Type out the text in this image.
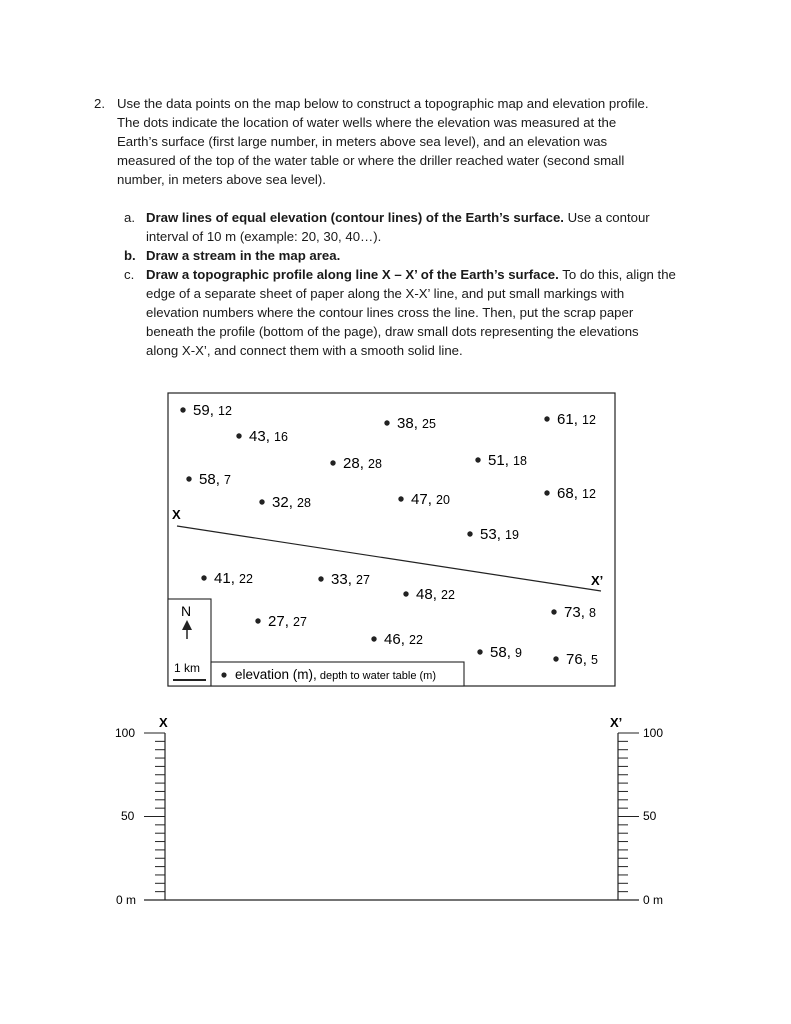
2. Use the data points on the map below to construct a topographic map and elevation profile.
The dots indicate the location of water wells where the elevation was measured at the
Earth’s surface (first large number, in meters above sea level), and an elevation was
measured of the top of the water table or where the driller reached water (second small
number, in meters above sea level).
a. Draw lines of equal elevation (contour lines) of the Earth’s surface. Use a contour
interval of 10 m (example: 20, 30, 40…).
b. Draw a stream in the map area.
c. Draw a topographic profile along line X – X’ of the Earth’s surface. To do this, align the
edge of a separate sheet of paper along the X-X’ line, and put small markings with
elevation numbers where the contour lines cross the line. Then, put the scrap paper
beneath the profile (bottom of the page), draw small dots representing the elevations
along X-X’, and connect them with a smooth solid line.
X
X’
N
1 km	elevation (m), depth to water table (m)
59, 12
43, 16
38, 25	61, 12
28, 28	51, 18
58, 7
32, 28	47, 20	68, 12
53, 19
41, 22	33, 27
48, 22
73, 8
27, 27
46, 22
58, 9	76, 5
X	X’
100
50
0 m
100
50
0 m
